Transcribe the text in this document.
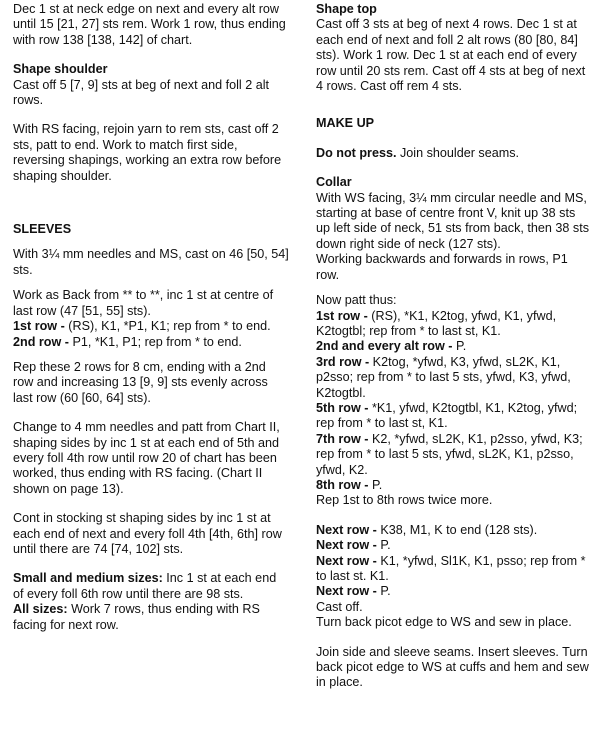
Dec 1 st at neck edge on next and every alt row until 15 [21, 27] sts rem. Work 1 row, thus ending with row 138 [138, 142] of chart.

Shape shoulder

Cast off 5 [7, 9] sts at beg of next and foll 2 alt rows.

With RS facing, rejoin yarn to rem sts, cast off 2 sts, patt to end. Work to match first side, reversing shapings, working an extra row before shaping shoulder.

SLEEVES

With 3¼ mm needles and MS, cast on 46 [50, 54] sts.

Work as Back from ** to **, inc 1 st at centre of last row (47 [51, 55] sts).

1st row - (RS), K1, *P1, K1; rep from * to end.

2nd row - P1, *K1, P1; rep from * to end.

Rep these 2 rows for 8 cm, ending with a 2nd row and increasing 13 [9, 9] sts evenly across last row (60 [60, 64] sts).

Change to 4 mm needles and patt from Chart II, shaping sides by inc 1 st at each end of 5th and every foll 4th row until row 20 of chart has been worked, thus ending with RS facing. (Chart II shown on page 13).

Cont in stocking st shaping sides by inc 1 st at each end of next and every foll 4th [4th, 6th] row until there are 74 [74, 102] sts.

Small and medium sizes: Inc 1 st at each end of every foll 6th row until there are 98 sts.

All sizes: Work 7 rows, thus ending with RS facing for next row.

Shape top

Cast off 3 sts at beg of next 4 rows. Dec 1 st at each end of next and foll 2 alt rows (80 [80, 84] sts). Work 1 row. Dec 1 st at each end of every row until 20 sts rem. Cast off 4 sts at beg of next 4 rows. Cast off rem 4 sts.

MAKE UP

Do not press. Join shoulder seams.

Collar

With WS facing, 3¼ mm circular needle and MS, starting at base of centre front V, knit up 38 sts up left side of neck, 51 sts from back, then 38 sts down right side of neck (127 sts).

Working backwards and forwards in rows, P1 row.

Now patt thus:

1st row - (RS), *K1, K2tog, yfwd, K1, yfwd, K2togtbl; rep from * to last st, K1.

2nd and every alt row - P.

3rd row - K2tog, *yfwd, K3, yfwd, sL2K, K1, p2sso; rep from * to last 5 sts, yfwd, K3, yfwd, K2togtbl.

5th row - *K1, yfwd, K2togtbl, K1, K2tog, yfwd; rep from * to last st, K1.

7th row - K2, *yfwd, sL2K, K1, p2sso, yfwd, K3; rep from * to last 5 sts, yfwd, sL2K, K1, p2sso, yfwd, K2.

8th row - P.

Rep 1st to 8th rows twice more.

Next row - K38, M1, K to end (128 sts).

Next row - P.

Next row - K1, *yfwd, Sl1K, K1, psso; rep from * to last st. K1.

Next row - P.

Cast off.

Turn back picot edge to WS and sew in place.

Join side and sleeve seams. Insert sleeves. Turn back picot edge to WS at cuffs and hem and sew in place.
